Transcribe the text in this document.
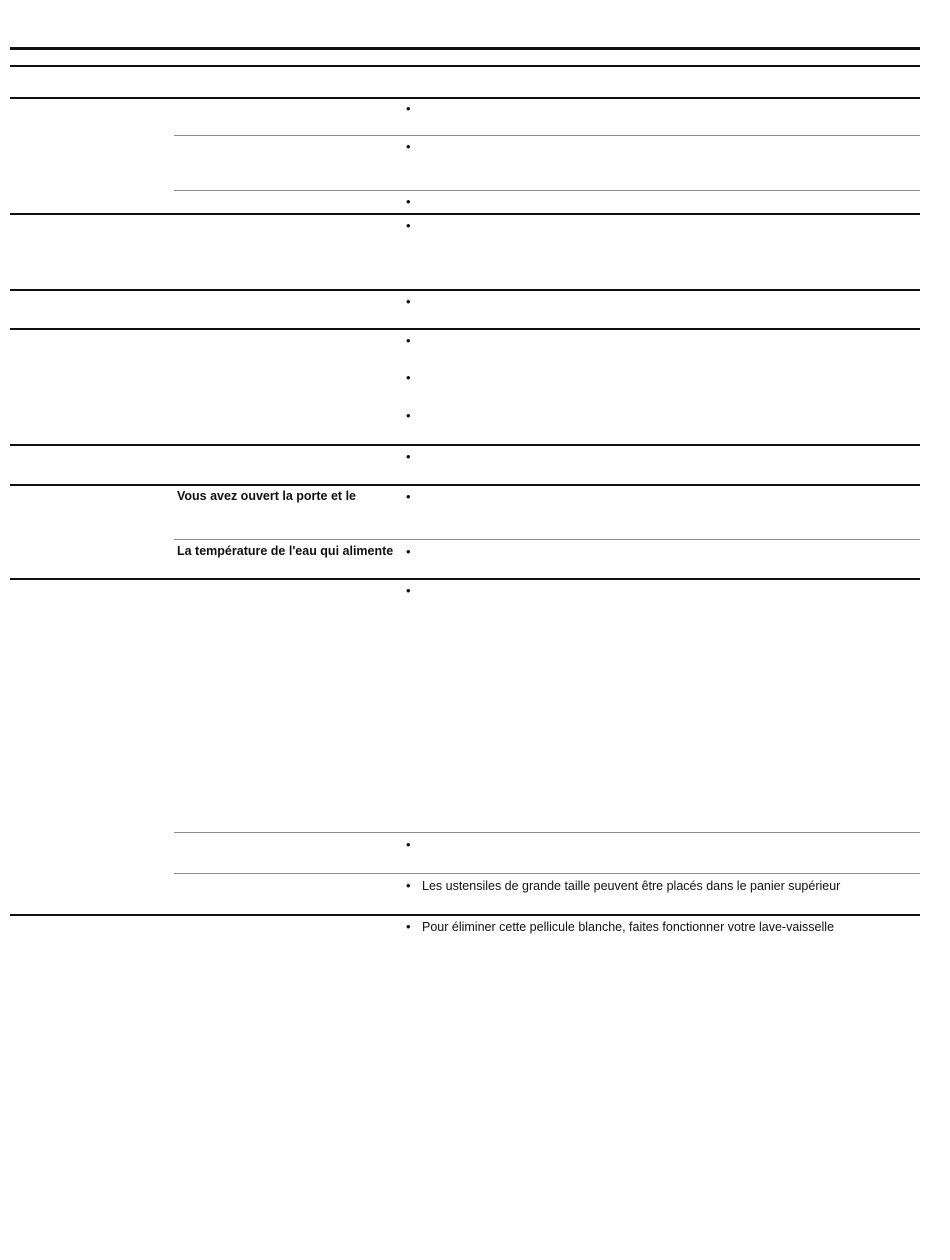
•
•
•
•
•
•
•
•
•
•
•
•
•
•
•
Vous avez ouvert la porte et le
La température de l'eau qui alimente
Les ustensiles de grande taille peuvent être placés dans le panier supérieur
Pour éliminer cette pellicule blanche, faites fonctionner votre lave-vaisselle
